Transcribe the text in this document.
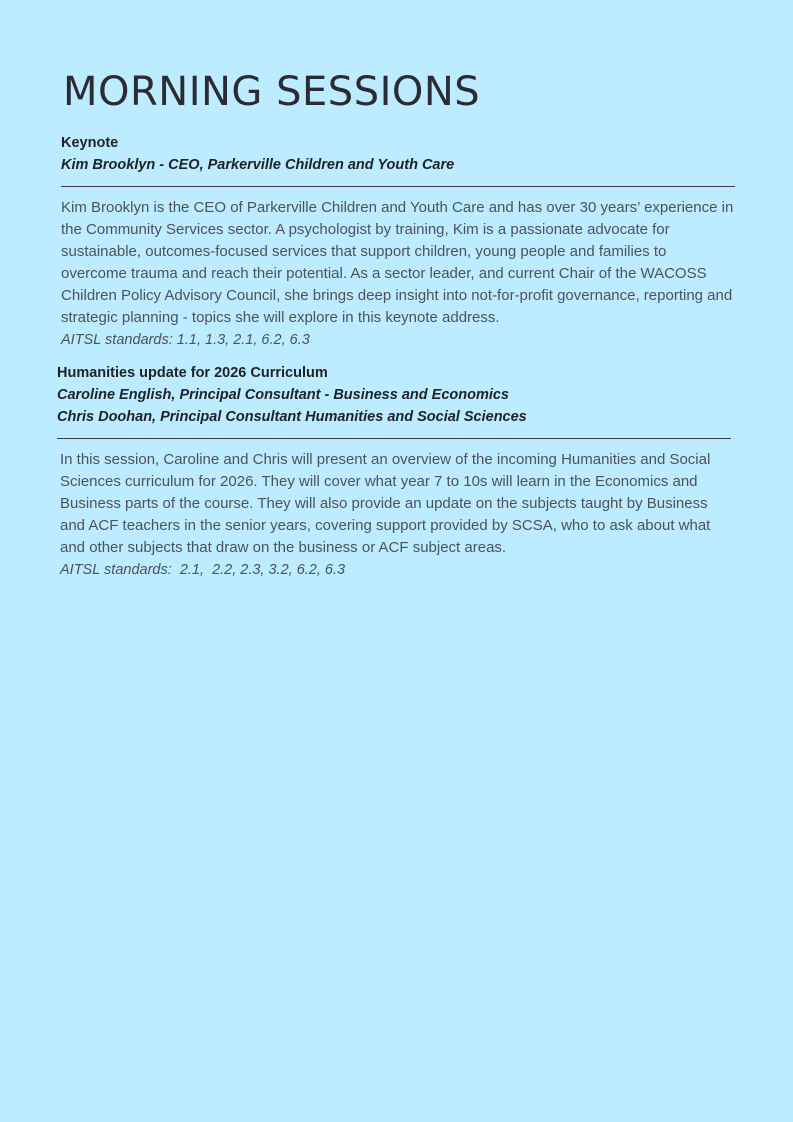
MORNING SESSIONS

Keynote

Kim Brooklyn - CEO, Parkerville Children and Youth Care

Kim Brooklyn is the CEO of Parkerville Children and Youth Care and has over 30 years’ experience in the Community Services sector. A psychologist by training, Kim is a passionate advocate for sustainable, outcomes-focused services that support children, young people and families to overcome trauma and reach their potential. As a sector leader, and current Chair of the WACOSS Children Policy Advisory Council, she brings deep insight into not-for-profit governance, reporting and strategic planning - topics she will explore in this keynote address.

AITSL standards: 1.1, 1.3, 2.1, 6.2, 6.3

Humanities update for 2026 Curriculum

Caroline English, Principal Consultant - Business and Economics

Chris Doohan, Principal Consultant Humanities and Social Sciences

In this session, Caroline and Chris will present an overview of the incoming Humanities and Social Sciences curriculum for 2026. They will cover what year 7 to 10s will learn in the Economics and Business parts of the course. They will also provide an update on the subjects taught by Business and ACF teachers in the senior years, covering support provided by SCSA, who to ask about what and other subjects that draw on the business or ACF subject areas.

AITSL standards:  2.1,  2.2, 2.3, 3.2, 6.2, 6.3
